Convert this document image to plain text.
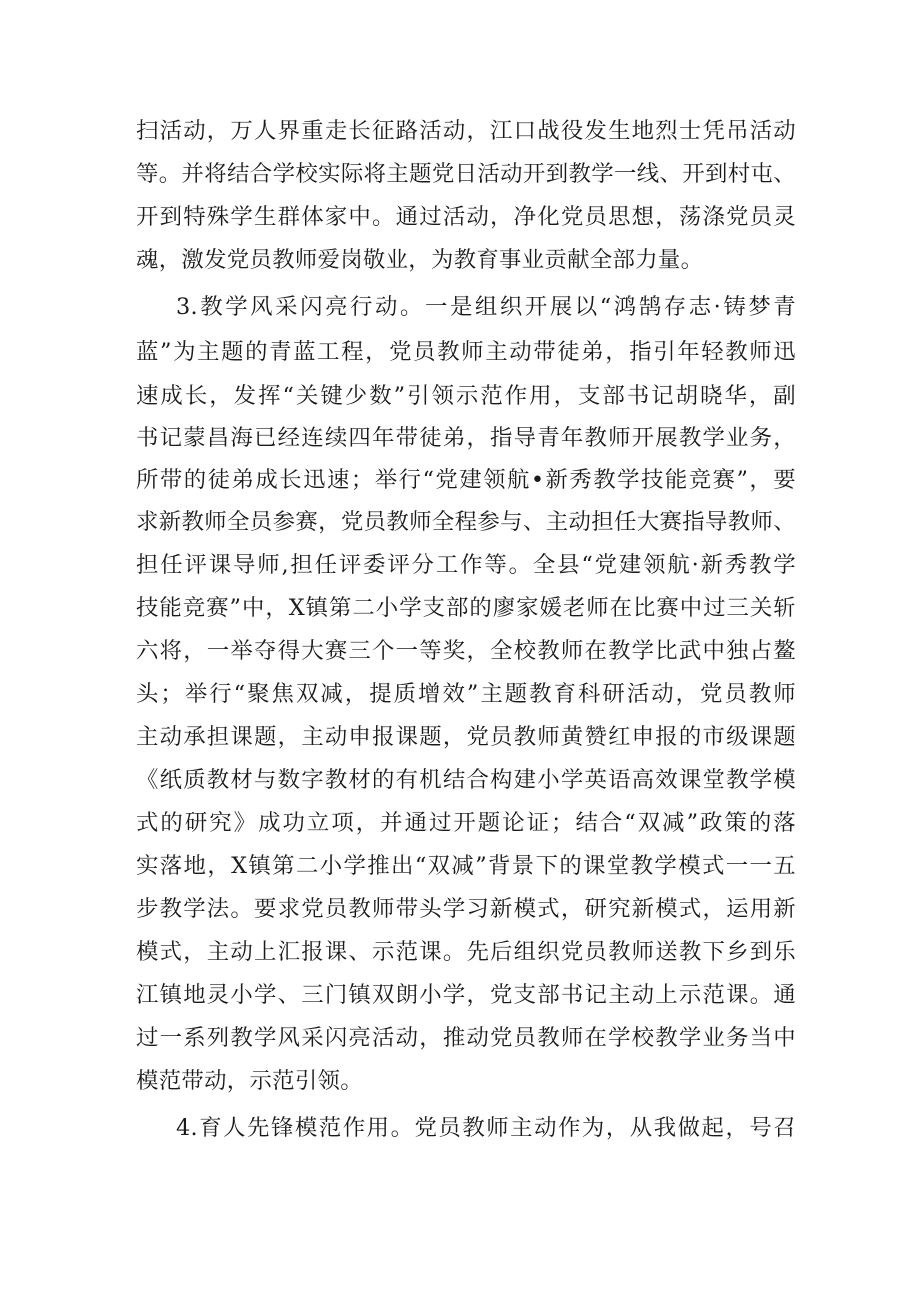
扫活动，万人界重走长征路活动，江口战役发生地烈士凭吊活动
等。并将结合学校实际将主题党日活动开到教学一线、开到村屯、
开到特殊学生群体家中。通过活动，净化党员思想，荡涤党员灵
魂，激发党员教师爱岗敬业，为教育事业贡献全部力量。
3.教学风采闪亮行动。一是组织开展以“鸿鹄存志·铸梦青
蓝”为主题的青蓝工程，党员教师主动带徒弟，指引年轻教师迅
速成长，发挥“关键少数”引领示范作用，支部书记胡晓华，副
书记蒙昌海已经连续四年带徒弟，指导青年教师开展教学业务，
所带的徒弟成长迅速；举行“党建领航•新秀教学技能竞赛”，要
求新教师全员参赛，党员教师全程参与、主动担任大赛指导教师、
担任评课导师,担任评委评分工作等。全县“党建领航·新秀教学
技能竞赛”中，X镇第二小学支部的廖家媛老师在比赛中过三关斩
六将，一举夺得大赛三个一等奖，全校教师在教学比武中独占鳌
头；举行“聚焦双减，提质增效”主题教育科研活动，党员教师
主动承担课题，主动申报课题，党员教师黄赞红申报的市级课题
《纸质教材与数字教材的有机结合构建小学英语高效课堂教学模
式的研究》成功立项，并通过开题论证；结合“双减”政策的落
实落地，X镇第二小学推出“双减”背景下的课堂教学模式一一五
步教学法。要求党员教师带头学习新模式，研究新模式，运用新
模式，主动上汇报课、示范课。先后组织党员教师送教下乡到乐
江镇地灵小学、三门镇双朗小学，党支部书记主动上示范课。通
过一系列教学风采闪亮活动，推动党员教师在学校教学业务当中
模范带动，示范引领。
4.育人先锋模范作用。党员教师主动作为，从我做起，号召
